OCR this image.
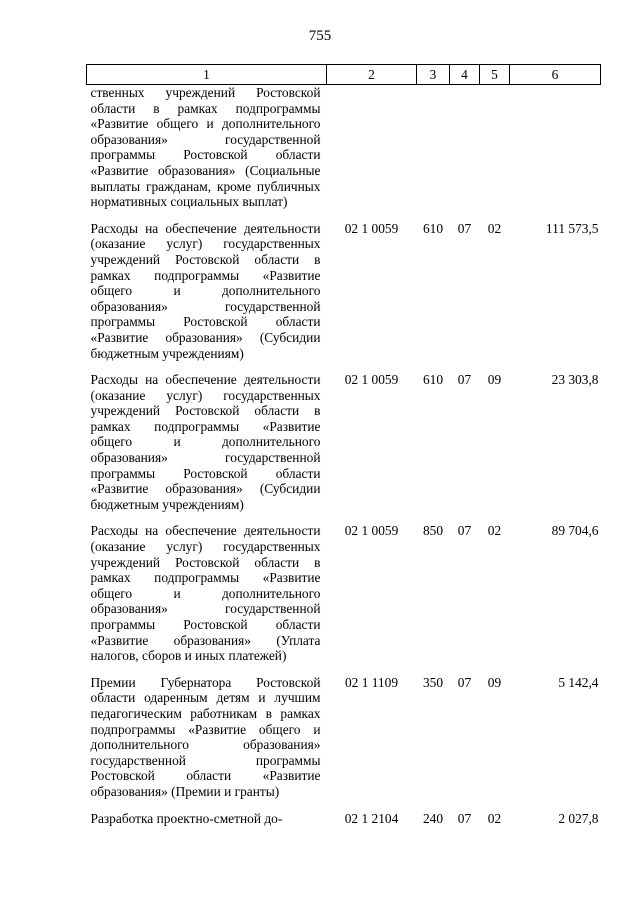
755
1	2	3	4	5	6
ственных учреждений Ростовской области в рамках подпрограммы «Развитие общего и дополнительного образования» государственной программы Ростовской области «Развитие образования» (Социальные выплаты гражданам, кроме публичных нормативных социальных выплат)					
Расходы на обеспечение деятельности (оказание услуг) государственных учреждений Ростовской области в рамках подпрограммы «Развитие общего и дополнительного образования» государственной программы Ростовской области «Развитие образования» (Субсидии бюджетным учреждениям)	02 1 0059	610	07	02	111 573,5
Расходы на обеспечение деятельности (оказание услуг) государственных учреждений Ростовской области в рамках подпрограммы «Развитие общего и дополнительного образования» государственной программы Ростовской области «Развитие образования» (Субсидии бюджетным учреждениям)	02 1 0059	610	07	09	23 303,8
Расходы на обеспечение деятельности (оказание услуг) государственных учреждений Ростовской области в рамках подпрограммы «Развитие общего и дополнительного образования» государственной программы Ростовской области «Развитие образования» (Уплата налогов, сборов и иных платежей)	02 1 0059	850	07	02	89 704,6
Премии Губернатора Ростовской области одаренным детям и лучшим педагогическим работникам в рамках подпрограммы «Развитие общего и дополнительного образования» государственной программы Ростовской области «Развитие образования» (Премии и гранты)	02 1 1109	350	07	09	5 142,4
Разработка проектно-сметной до-	02 1 2104	240	07	02	2 027,8
